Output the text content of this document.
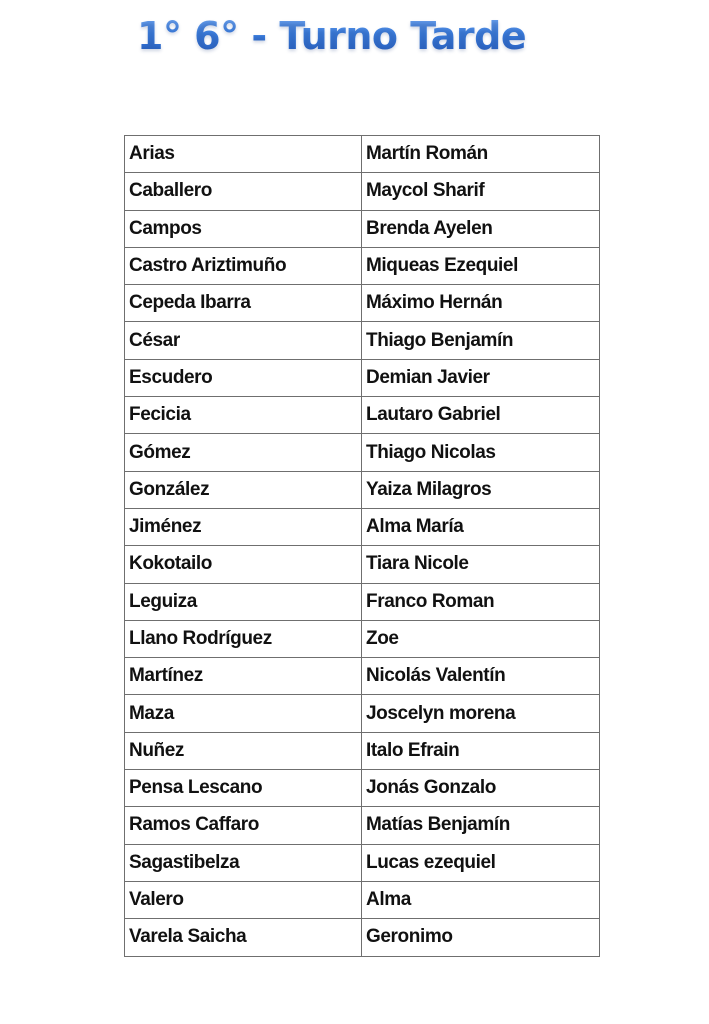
1° 6° - Turno Tarde
Arias	Martín Román
Caballero	Maycol Sharif
Campos	Brenda Ayelen
Castro Ariztimuño	Miqueas Ezequiel
Cepeda Ibarra	Máximo Hernán
César	Thiago Benjamín
Escudero	Demian Javier
Fecicia	Lautaro Gabriel
Gómez	Thiago Nicolas
González	Yaiza Milagros
Jiménez	Alma María
Kokotailo	Tiara Nicole
Leguiza	Franco Roman
Llano Rodríguez	Zoe
Martínez	Nicolás Valentín
Maza	Joscelyn morena
Nuñez	Italo Efrain
Pensa Lescano	Jonás Gonzalo
Ramos Caffaro	Matías Benjamín
Sagastibelza	Lucas ezequiel
Valero	Alma
Varela Saicha	Geronimo
